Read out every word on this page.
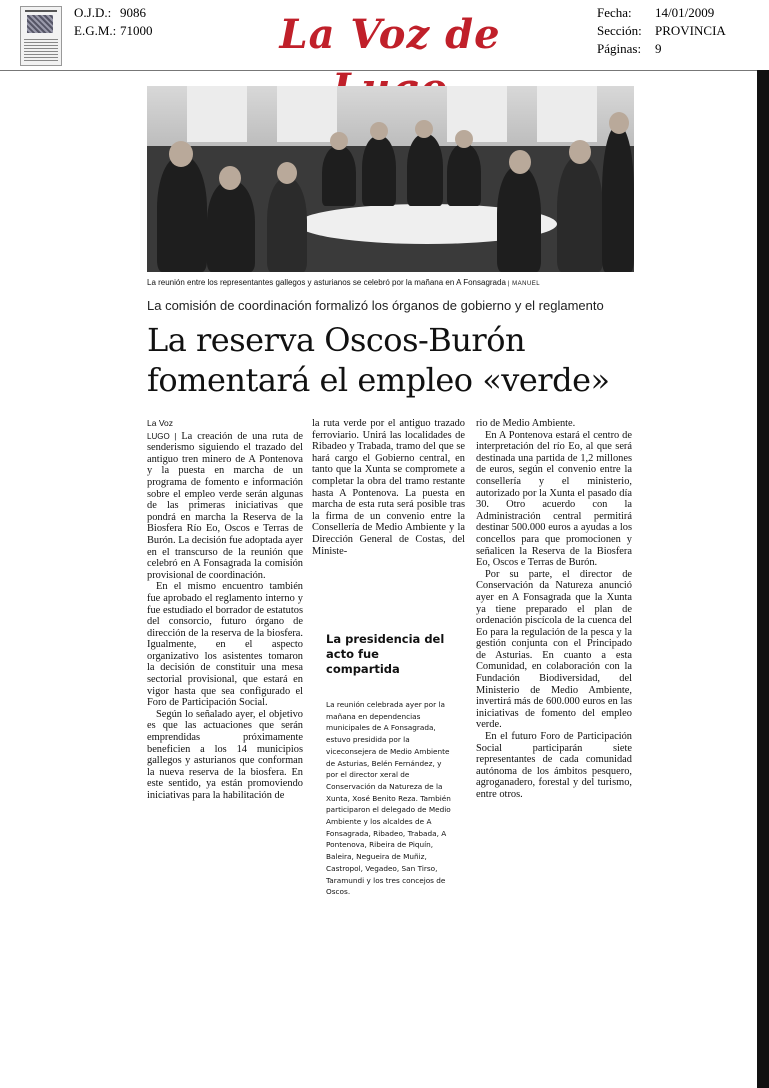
O.J.D.: 9086
E.G.M.: 71000	La Voz de	Fecha: 14/01/2009
Sección: PROVINCIA
Páginas: 9
La reunión entre los representantes gallegos y asturianos se celebró por la mañana en A Fonsagrada | MANUEL
La comisión de coordinación formalizó los órganos de gobierno y el reglamento
La reserva Oscos-Burón
fomentará el empleo «verde»
La Voz

LUGO | La creación de una ruta de senderismo siguiendo el trazado del antiguo tren minero de A Pontenova y la puesta en marcha de un programa de fomento e información sobre el empleo verde serán algunas de las primeras iniciativas que pondrá en marcha la Reserva de la Biosfera Río Eo, Oscos e Terras de Burón. La decisión fue adoptada ayer en el transcurso de la reunión que celebró en A Fonsagrada la comisión provisional de coordinación.

En el mismo encuentro también fue aprobado el reglamento interno y fue estudiado el borrador de estatutos del consorcio, futuro órgano de dirección de la reserva de la biosfera. Igualmente, en el aspecto organizativo los asistentes tomaron la decisión de constituir una mesa sectorial provisional, que estará en vigor hasta que sea configurado el Foro de Participación Social.

Según lo señalado ayer, el objetivo es que las actuaciones que serán emprendidas próximamente beneficien a los 14 municipios gallegos y asturianos que conforman la nueva reserva de la biosfera. En este sentido, ya están promoviendo iniciativas para la habilitación de

la ruta verde por el antiguo trazado ferroviario. Unirá las localidades de Ribadeo y Trabada, tramo del que se hará cargo el Gobierno central, en tanto que la Xunta se compromete a completar la obra del tramo restante hasta A Pontenova. La puesta en marcha de esta ruta será posible tras la firma de un convenio entre la Consellería de Medio Ambiente y la Dirección General de Costas, del Ministe-

La presidencia del acto fue compartida
La reunión celebrada ayer por la mañana en dependencias municipales de A Fonsagrada, estuvo presidida por la viceconsejera de Medio Ambiente de Asturias, Belén Fernández, y por el director xeral de Conservación da Natureza de la Xunta, Xosé Benito Reza. También participaron el delegado de Medio Ambiente y los alcaldes de A Fonsagrada, Ribadeo, Trabada, A Pontenova, Ribeira de Piquín, Baleira, Negueira de Muñiz, Castropol, Vegadeo, San Tirso, Taramundi y los tres concejos de Oscos.

rio de Medio Ambiente.

En A Pontenova estará el centro de interpretación del río Eo, al que será destinada una partida de 1,2 millones de euros, según el convenio entre la consellería y el ministerio, autorizado por la Xunta el pasado día 30. Otro acuerdo con la Administración central permitirá destinar 500.000 euros a ayudas a los concellos para que promocionen y señalicen la Reserva de la Biosfera Eo, Oscos e Terras de Burón.

Por su parte, el director de Conservación da Natureza anunció ayer en A Fonsagrada que la Xunta ya tiene preparado el plan de ordenación piscícola de la cuenca del Eo para la regulación de la pesca y la gestión conjunta con el Principado de Asturias. En cuanto a esta Comunidad, en colaboración con la Fundación Biodiversidad, del Ministerio de Medio Ambiente, invertirá más de 600.000 euros en las iniciativas de fomento del empleo verde.

En el futuro Foro de Participación Social participarán siete representantes de cada comunidad autónoma de los ámbitos pesquero, agroganadero, forestal y del turismo, entre otros.
